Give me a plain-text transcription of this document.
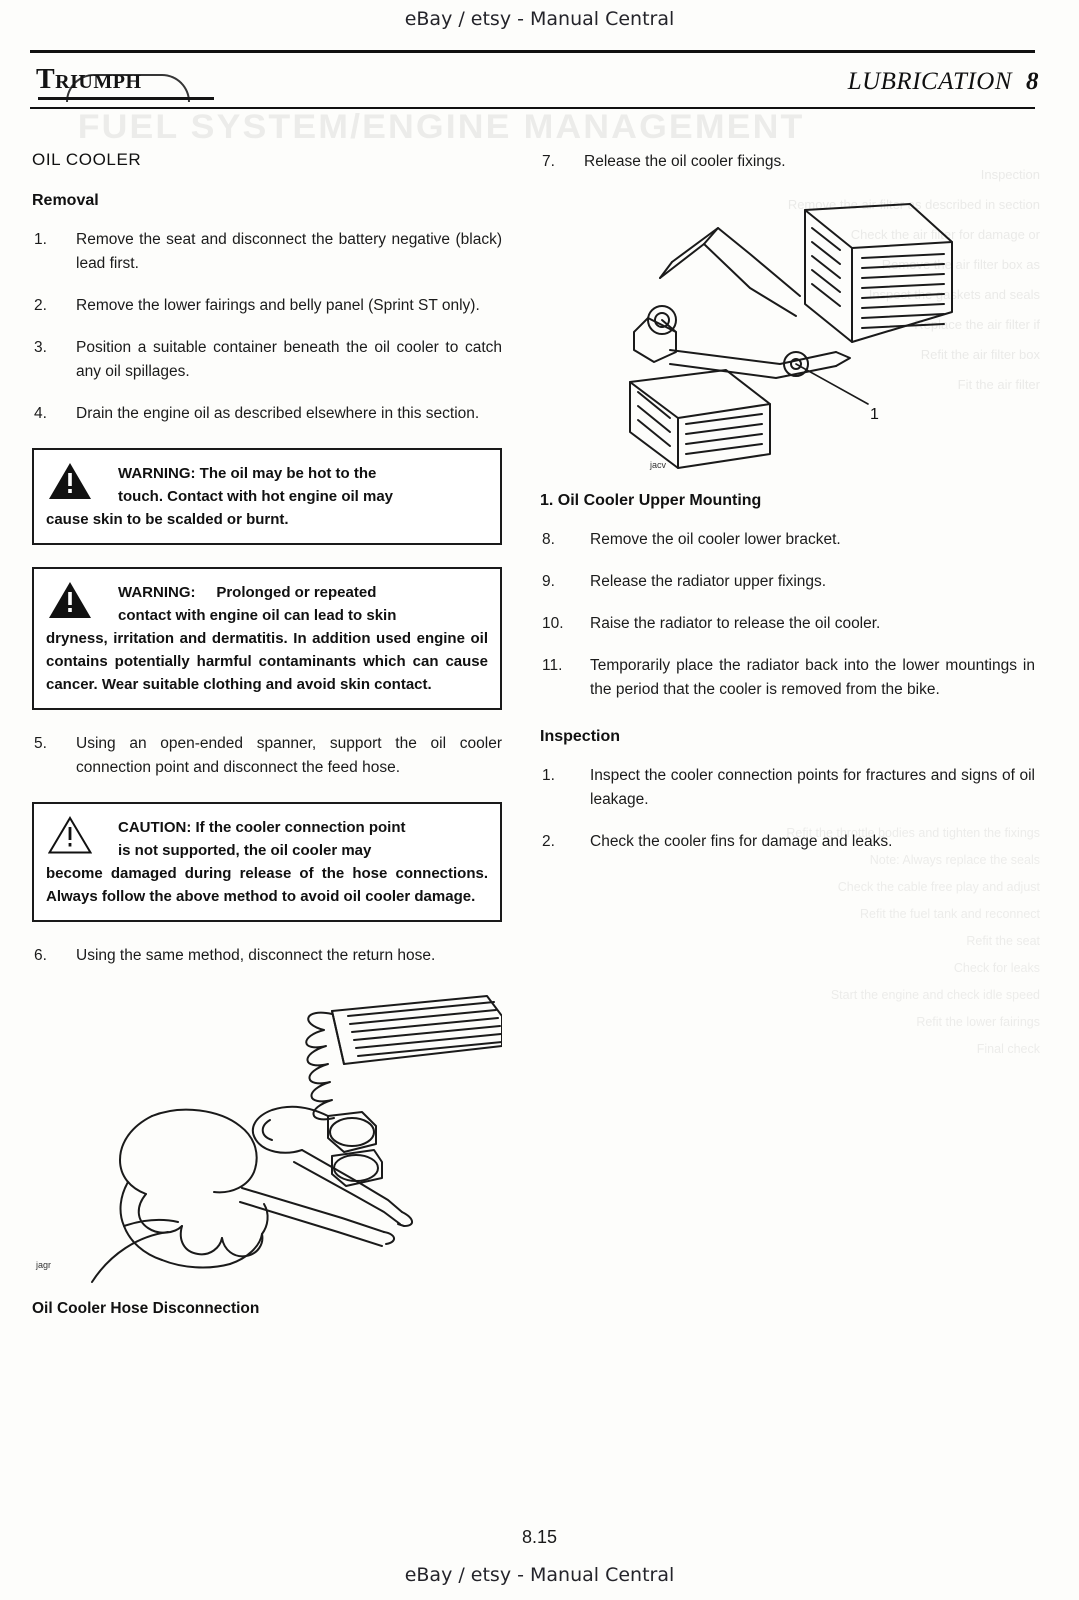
FUEL SYSTEM/ENGINE MANAGEMENT
Inspection
Remove the air filter as described in section
Check the air filter for damage or
Remove the air filter box as
Inspect the gaskets and seals
Replace the air filter if
Refit the air filter box
Fit the air filter
Refit the throttle bodies and tighten the fixings
Note: Always replace the seals
Check the cable free play and adjust
Refit the fuel tank and reconnect
Refit the seat
Check for leaks
Start the engine and check idle speed
Refit the lower fairings
Final check
eBay / etsy - Manual Central
Triumph	LUBRICATION 8
OIL COOLER
Removal
1.	Remove the seat and disconnect the battery negative (black) lead first.
2.	Remove the lower fairings and belly panel (Sprint ST only).
3.	Position a suitable container beneath the oil cooler to catch any oil spillages.
4.	Drain the engine oil as described elsewhere in this section.
WARNING: The oil may be hot to the
touch. Contact with hot engine oil may
cause skin to be scalded or burnt.
WARNING: Prolonged or repeated
contact with engine oil can lead to skin
dryness, irritation and dermatitis. In addition used engine oil contains potentially harmful contaminants which can cause cancer. Wear suitable clothing and avoid skin contact.
5.	Using an open-ended spanner, support the oil cooler connection point and disconnect the feed hose.
CAUTION: If the cooler connection point
is not supported, the oil cooler may
become damaged during release of the hose connections. Always follow the above method to avoid oil cooler damage.
6.	Using the same method, disconnect the return hose.
jagr
Oil Cooler Hose Disconnection
7.	Release the oil cooler fixings.
1
jacv
1. Oil Cooler Upper Mounting
8.	Remove the oil cooler lower bracket.
9.	Release the radiator upper fixings.
10.	Raise the radiator to release the oil cooler.
11.	Temporarily place the radiator back into the lower mountings in the period that the cooler is removed from the bike.
Inspection
1.	Inspect the cooler connection points for fractures and signs of oil leakage.
2.	Check the cooler fins for damage and leaks.
8.15
eBay / etsy - Manual Central
